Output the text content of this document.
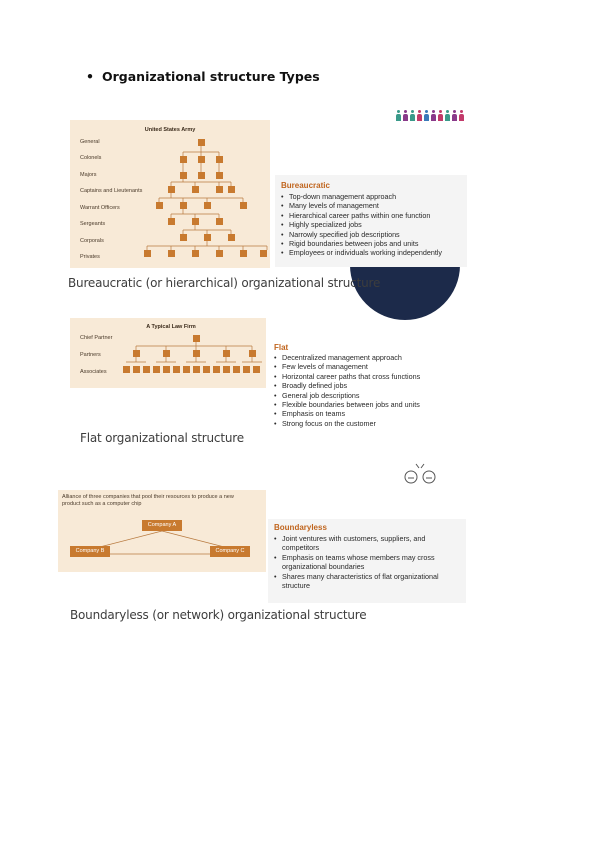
• Organizational structure Types
United States Army
General
Colonels
Majors
Captains and Lieutenants
Warrant Officers
Sergeants
Corporals
Privates
Bureaucratic
• Top-down management approach
• Many levels of management
• Hierarchical career paths within one function
• Highly specialized jobs
• Narrowly specified job descriptions
• Rigid boundaries between jobs and units
• Employees or individuals working independently
Bureaucratic (or hierarchical) organizational structure
A Typical Law Firm
Chief Partner
Partners
Associates
Flat
• Decentralized management approach
• Few levels of management
• Horizontal career paths that cross functions
• Broadly defined jobs
• General job descriptions
• Flexible boundaries between jobs and units
• Emphasis on teams
• Strong focus on the customer
Flat organizational structure
Alliance of three companies that pool their resources to produce a new product such as a computer chip
Company A
Company B	Company C
Boundaryless
• Joint ventures with customers, suppliers, and competitors
• Emphasis on teams whose members may cross organizational boundaries
• Shares many characteristics of flat organizational structure
Boundaryless (or network) organizational structure
